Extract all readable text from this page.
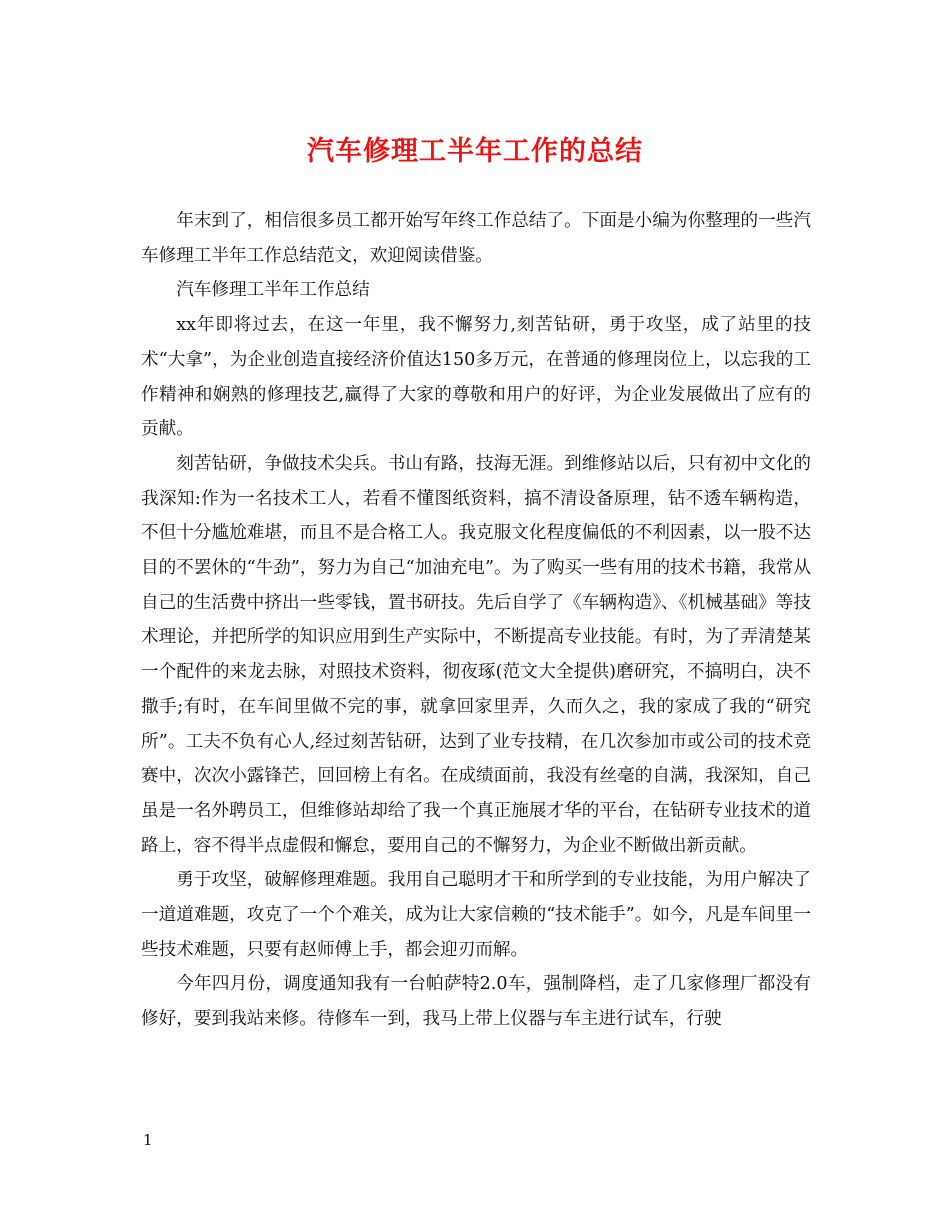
汽车修理工半年工作的总结

年末到了，相信很多员工都开始写年终工作总结了。下面是小编为你整理的一些汽车修理工半年工作总结范文，欢迎阅读借鉴。

汽车修理工半年工作总结

xx年即将过去，在这一年里，我不懈努力,刻苦钻研，勇于攻坚，成了站里的技术“大拿”，为企业创造直接经济价值达150多万元，在普通的修理岗位上，以忘我的工作精神和娴熟的修理技艺,赢得了大家的尊敬和用户的好评，为企业发展做出了应有的贡献。

刻苦钻研，争做技术尖兵。书山有路，技海无涯。到维修站以后，只有初中文化的我深知:作为一名技术工人，若看不懂图纸资料，搞不清设备原理，钻不透车辆构造，不但十分尴尬难堪，而且不是合格工人。我克服文化程度偏低的不利因素，以一股不达目的不罢休的“牛劲”，努力为自己“加油充电”。为了购买一些有用的技术书籍，我常从自己的生活费中挤出一些零钱，置书研技。先后自学了《车辆构造》、《机械基础》等技术理论，并把所学的知识应用到生产实际中，不断提高专业技能。有时，为了弄清楚某一个配件的来龙去脉，对照技术资料，彻夜琢(范文大全提供)磨研究，不搞明白，决不撒手;有时，在车间里做不完的事，就拿回家里弄，久而久之，我的家成了我的“研究所”。工夫不负有心人,经过刻苦钻研，达到了业专技精，在几次参加市或公司的技术竞赛中，次次小露锋芒，回回榜上有名。在成绩面前，我没有丝毫的自满，我深知，自己虽是一名外聘员工，但维修站却给了我一个真正施展才华的平台，在钻研专业技术的道路上，容不得半点虚假和懈怠，要用自己的不懈努力，为企业不断做出新贡献。

勇于攻坚，破解修理难题。我用自己聪明才干和所学到的专业技能，为用户解决了一道道难题，攻克了一个个难关，成为让大家信赖的“技术能手”。如今，凡是车间里一些技术难题，只要有赵师傅上手，都会迎刃而解。

今年四月份，调度通知我有一台帕萨特2.0车，强制降档，走了几家修理厂都没有修好，要到我站来修。待修车一到，我马上带上仪器与车主进行试车，行驶

1
